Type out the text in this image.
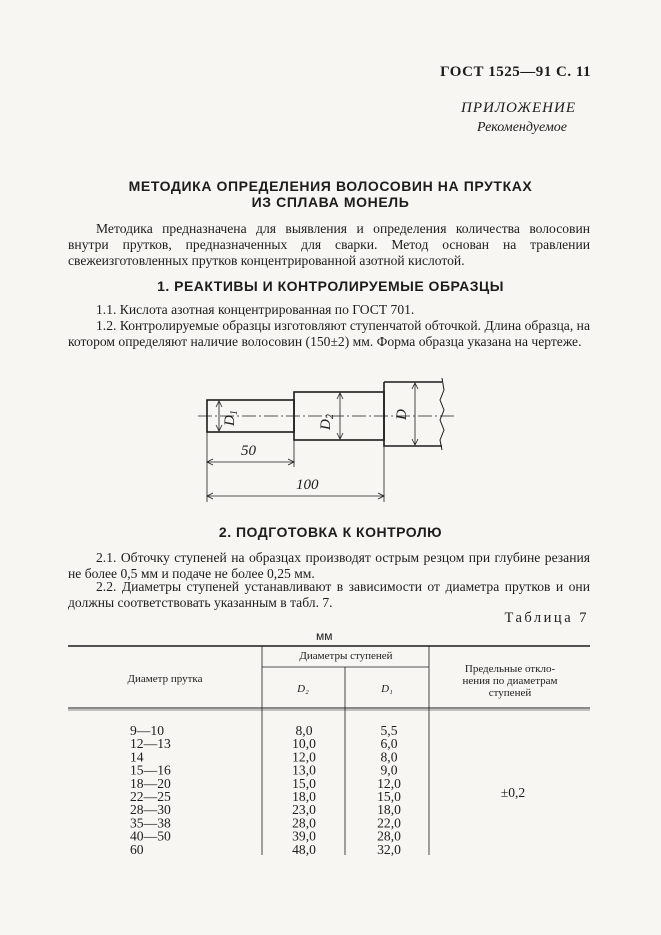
ГОСТ 1525—91 С. 11
ПРИЛОЖЕНИЕ
Рекомендуемое
МЕТОДИКА ОПРЕДЕЛЕНИЯ ВОЛОСОВИН НА ПРУТКАХ
ИЗ СПЛАВА МОНЕЛЬ
Методика предназначена для выявления и определения количества волосовин внутри прутков, предназначенных для сварки. Метод основан на травлении свежеизготовленных прутков концентрированной азотной кислотой.
1. РЕАКТИВЫ И КОНТРОЛИРУЕМЫЕ ОБРАЗЦЫ
1.1. Кислота азотная концентрированная по ГОСТ 701.
1.2. Контролируемые образцы изготовляют ступенчатой обточкой. Длина образца, на котором определяют наличие волосовин (150±2) мм. Форма образца указана на чертеже.
$D_1$
$D_2$	D
50
100
2. ПОДГОТОВКА К КОНТРОЛЮ
2.1. Обточку ступеней на образцах производят острым резцом при глубине резания не более 0,5 мм и подаче не более 0,25 мм.
2.2. Диаметры ступеней устанавливают в зависимости от диаметра прутков и они должны соответствовать указанным в табл. 7.
Таблица 7
мм
Диаметр прутка
Диаметры ступеней
D₂	D₁
Предельные откло-
нения по диаметрам
ступеней
9—10	8,0	5,5
12—13	10,0	6,0
14	12,0	8,0
15—16	13,0	9,0
18—20	15,0	12,0
22—25	18,0	15,0
28—30	23,0	18,0
35—38	28,0	22,0
40—50	39,0	28,0
60	48,0	32,0
±0,2
